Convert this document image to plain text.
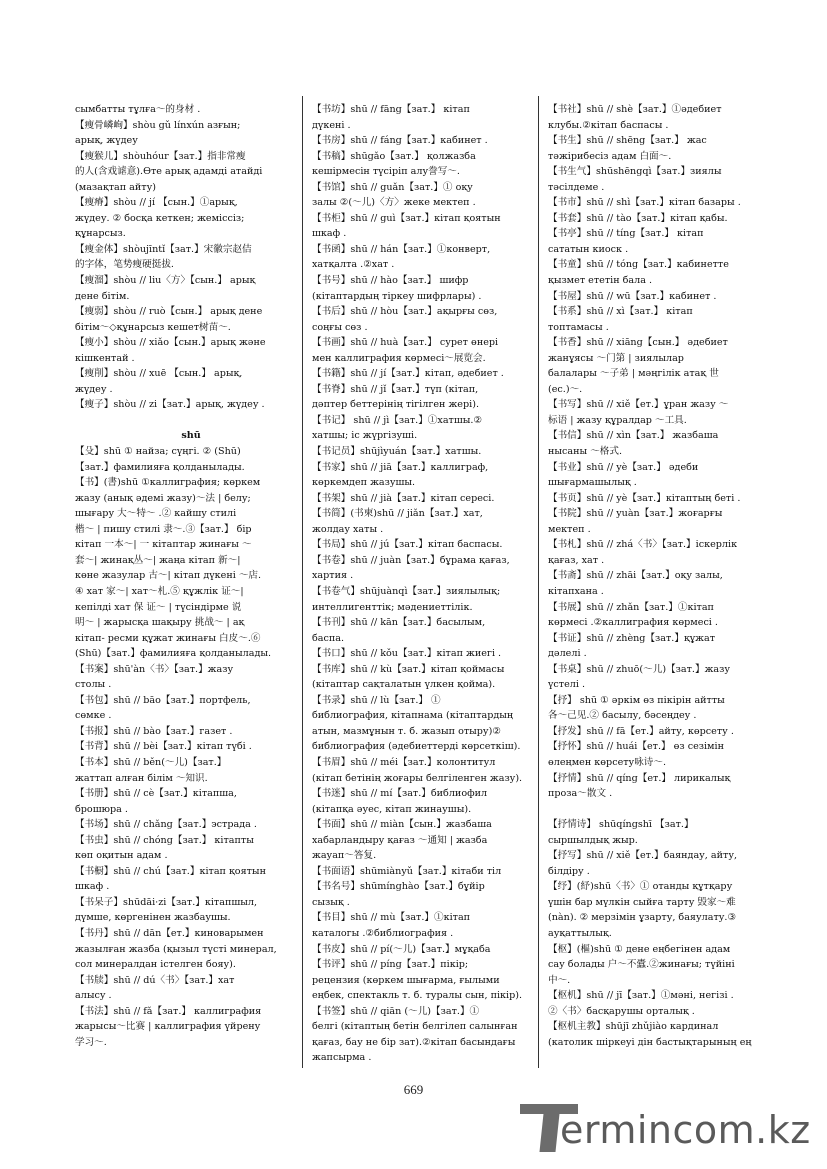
сымбатты тұлға～的身材 .
【瘦骨嶙峋】shòu gǔ línxún азғын;
арық, жүдеу
【瘦猴儿】shòuhóur【зат.】指非常瘦
的人(含戏谑意).Өте арық адамді атайді
(мазақтап айту)
【瘦瘠】shòu // jí 【сын.】①арық,
жүдеу. ② босқа кеткен; жемісcіз;
құнарсыз.
【瘦金体】shòujīntǐ【зат.】宋徽宗赵佶
的字体，笔势瘦硬挺拔.
【瘦溜】shòu // liu〈方〉【сын.】 арық
дене бітім.
【瘦弱】shòu // ruò【сын.】 арық дене
бітім～◇құнарсыз кешет树苗～.
【瘦小】shòu // xiǎo【сын.】арық және
кішкентай .
【瘦削】shòu // xuē 【сын.】 арық,
жүдеу .
【瘦子】shòu // zi【зат.】арық, жүдеу .
shū
【殳】shū ① найза; сүңгі. ② (Shū)
【зат.】фамилияға қолданылады.
【书】(書)shū ①каллиграфия; көркем
жазу (анық әдемі жазу)～法 | белу;
шығару 大～特～ .② кайшу стилі
楷～ | пишу стилі 隶～.③【зат.】 бір
кітап 一本～| 一 кітаптар жинағы ～
套～| жинақ丛～| жаңа кітап 新～|
көне жазулар 古～| кітап дүкені ～店.
④ хат 家～| хат～札.⑤ құжлік 证～|
кепілді хат 保 证～ | түсіндірме 说
明～ | жарысқа шақыру 挑战～ | ақ
кітап- ресми құжат жинағы 白皮～.⑥
(Shū)【зат.】фамилияға қолданылады.
【书案】shū'àn〈书〉【зат.】жазу
столы .
【书包】shū // bāo【зат.】портфель,
сөмке .
【书报】shū // bào【зат.】газет .
【书背】shū // bèi【зат.】кітап түбі .
【书本】shū // běn(～儿)【зат.】
жаттап алған білім ～知识.
【书册】shū // cè【зат.】кітапша,
брошюра .
【书场】shū // chǎng【зат.】эстрада .
【书虫】shū // chóng【зат.】 кітапты
көп оқитын адам .
【书橱】shū // chú【зат.】кітап қоятын
шкаф .
【书呆子】shūdāi·zi【зат.】кітапшыл,
дүмше, көргенінен жазбаушы.
【书丹】shū // dān【ет.】киноварымен
жазылған жазба (қызыл түсті минерал,
сол минералдан істелген бояу).
【书牍】shū // dú〈书〉【зат.】хат
алысу .
【书法】shū // fǎ【зат.】 каллиграфия
жарысы～比赛 | каллиграфия үйрену
学习～.
【书坊】shū // fāng【зат.】 кітап
дүкені .
【书房】shū // fáng【зат.】кабинет .
【书稿】shūgǎo【зат.】 қолжазба
кешірмесін түсіріп алу誊写～.
【书馆】shū // guǎn【зат.】① оқу
залы ②(～儿)〈方〉жеке мектеп .
【书柜】shū // guì【зат.】кітап қоятын
шкаф .
【书函】shū // hán【зат.】①конверт,
хатқалта .②хат .
【书号】shū // hào【зат.】 шифр
(кітаптардың тіркеу шифрлары) .
【书后】shū // hòu【зат.】ақырғы сөз,
соңғы сөз .
【书画】shū // huà【зат.】 сурет өнері
мен каллиграфия көрмесі～展览会.
【书籍】shū // jí【зат.】кітап, әдебиет .
【书脊】shū // jǐ【зат.】түп (кітап,
дәптер беттерінің тігілген жері).
【书记】 shū // jì【зат.】①хатшы.②
хатшы; іс жүргізуші.
【书记员】shūjìyuán【зат.】хатшы.
【书家】shū // jiā【зат.】каллиграф,
көркемдеп жазушы.
【书架】shū // jià【зат.】кітап сересі.
【书简】(书柬)shū // jiǎn【зат.】хат,
жолдау хаты .
【书局】shū // jú【зат.】кітап баспасы.
【书卷】shū // juàn【зат.】бұрама қағаз,
хартия .
【书卷气】shūjuànqì【зат.】зиялылық;
интеллигенттік; мәдениеттілік.
【书刊】shū // kān【зат.】басылым,
баспа.
【书口】shū // kǒu【зат.】кітап жиегі .
【书库】shū // kù【зат.】кітап қоймасы
(кітаптар сақталатын үлкен қойма).
【书录】shū // lù【зат.】 ①
библиография, кітапнама (кітаптардың
атын, мазмұнын т. б. жазып отыру)②
библиография (әдебиеттерді көрсеткіш).
【书眉】shū // méi【зат.】колонтитул
(кітап бетінің жоғары белгіленген жазу).
【书迷】shū // mí【зат.】библиофил
(кітапқа әуес, кітап жинаушы).
【书面】shū // miàn【сын.】жазбаша
хабарландыру қағаз ～通知 | жазба
жауап～答复.
【书面语】shūmiànyǔ【зат.】кітаби тіл
【书名号】shūmínghào【зат.】бұйір
сызық .
【书目】shū // mù【зат.】①кітап
каталогы .②библиография .
【书皮】shū // pí(～儿)【зат.】мұқаба
【书评】shū // píng【зат.】пікір;
рецензия (көркем шығарма, ғылыми
еңбек, спектакль т. б. туралы сын, пікір).
【书签】shū // qiān (～儿)【зат.】①
белгі (кітаптың бетін белгілеп салынған
қағаз, бау не бір зат).②кітап басындағы
жапсырма .
【书社】shū // shè【зат.】①әдебиет
клубы.②кітап баспасы .
【书生】shū // shēng【зат.】 жас
тәжірибесіз адам 白面～.
【书生气】shūshēngqì【зат.】зиялы
тәсілдеме .
【书市】shū // shì【зат.】кітап базары .
【书套】shū // tào【зат.】кітап қабы.
【书亭】shū // tíng【зат.】 кітап
сататын киоск .
【书童】shū // tóng【зат.】кабинетте
қызмет ететін бала .
【书屋】shū // wū【зат.】кабинет .
【书系】shū // xì【зат.】 кітап
топтамасы .
【书香】shū // xiāng【сын.】 әдебиет
жанұясы ～门第 | зиялылар
балалары ～子弟 | мәңгілік атақ 世
(ес.)～.
【书写】shū // xiě【ет.】ұран жазу ～
标语 | жазу құралдар ～工具.
【书信】shū // xìn【зат.】 жазбаша
нысаны ～格式.
【书业】shū // yè【зат.】 әдеби
шығармашылық .
【书页】shū // yè【зат.】кітаптың беті .
【书院】shū // yuàn【зат.】жоғарғы
мектеп .
【书札】shū // zhá〈书〉【зат.】іскерлік
қағаз, хат .
【书斋】shū // zhāi【зат.】оқу залы,
кітапхана .
【书展】shū // zhǎn【зат.】①кітап
көрмесі .②каллиграфия көрмесі .
【书证】shū // zhèng【зат.】құжат
дәлелі .
【书桌】shū // zhuō(～儿)【зат.】жазу
үстелі .
【抒】 shū ① әркім өз пікірін айтты
各～己见.② басылу, бәсеңдеу .
【抒发】shū // fā【ет.】айту, көрсету .
【抒怀】shū // huái【ет.】 өз сезімін
өлеңмен көрсету咏诗～.
【抒情】shū // qíng【ет.】 лирикалық
проза～散文 .
【抒情诗】 shūqíngshī 【зат.】
сыршылдық жыр.
【抒写】shū // xiě【ет.】баяндау, айту,
білдіру .
【纾】(紓)shū〈书〉① отанды құтқару
үшін бар мүлкін сыйға тарту 毁家～难
(nàn). ② мерзімін ұзарту, баяулату.③
ауқаттылық.
【枢】(樞)shū ① дене еңбегінен адам
сау болады 户～不蠹.②жинағы; түйіні
中～.
【枢机】shū // jī【зат.】①мәні, негізі .
②〈书〉басқарушы орталық .
【枢机主教】shūjī zhǔjiào кардинал
(католик шіркеуі дін бастықтарының ең
669
ermincom.kz
